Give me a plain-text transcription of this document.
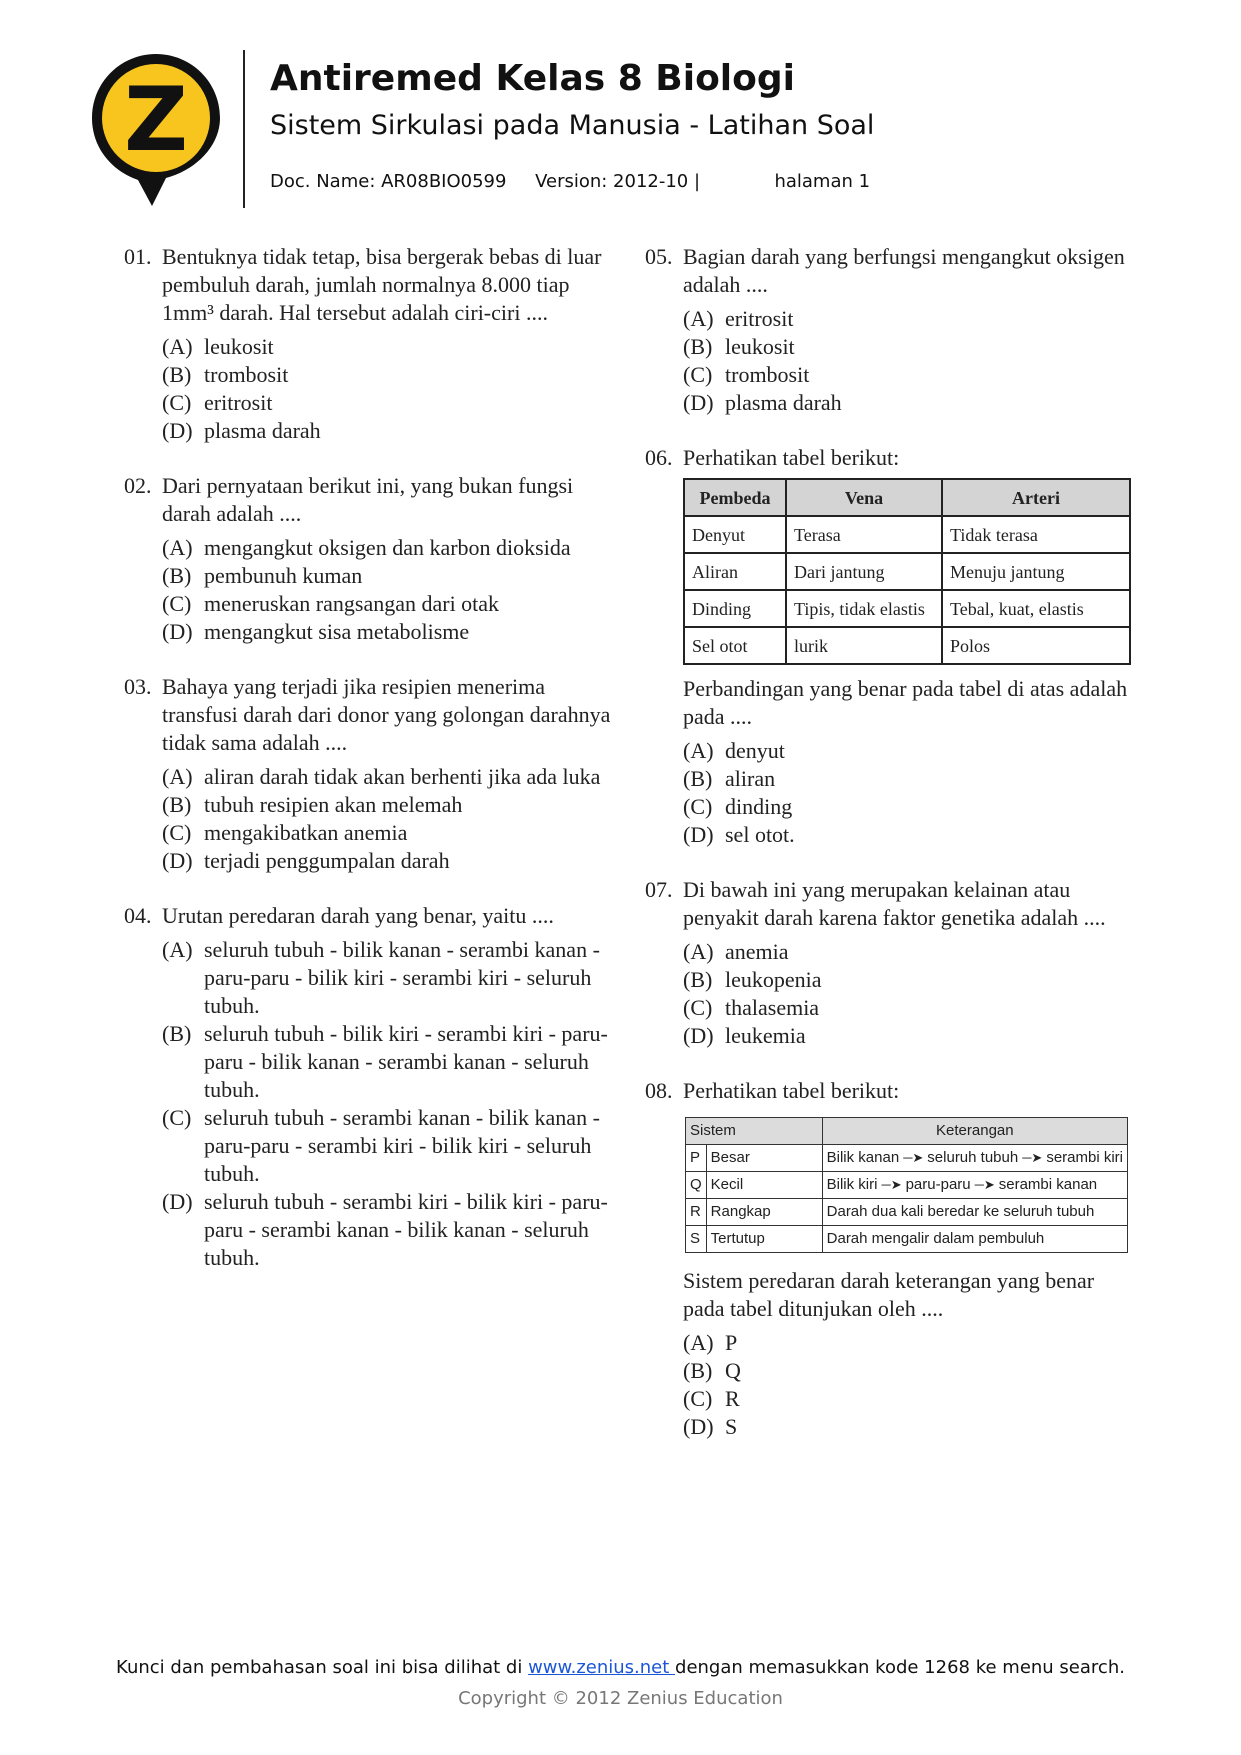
Z Antiremed Kelas 8 Biologi
Sistem Sirkulasi pada Manusia - Latihan Soal
Doc. Name: AR08BIO0599 Version: 2012-10 |	halaman 1
01. Bentuknya tidak tetap, bisa bergerak bebas di luar pembuluh darah, jumlah normalnya 8.000 tiap 1mm³ darah. Hal tersebut adalah ciri-ciri ....
(A) leukosit
(B) trombosit
(C) eritrosit
(D) plasma darah
02. Dari pernyataan berikut ini, yang bukan fungsi darah adalah ....
(A) mengangkut oksigen dan karbon dioksida
(B) pembunuh kuman
(C) meneruskan rangsangan dari otak
(D) mengangkut sisa metabolisme
03. Bahaya yang terjadi jika resipien menerima transfusi darah dari donor yang golongan darahnya tidak sama adalah ....
(A) aliran darah tidak akan berhenti jika ada luka
(B) tubuh resipien akan melemah
(C) mengakibatkan anemia
(D) terjadi penggumpalan darah
04. Urutan peredaran darah yang benar, yaitu ....
(A) seluruh tubuh - bilik kanan - serambi kanan - paru-paru - bilik kiri - serambi kiri - seluruh tubuh.
(B) seluruh tubuh - bilik kiri - serambi kiri - paru-paru - bilik kanan - serambi kanan - seluruh tubuh.
(C) seluruh tubuh - serambi kanan - bilik kanan - paru-paru - serambi kiri - bilik kiri - seluruh tubuh.
(D) seluruh tubuh - serambi kiri - bilik kiri - paru-paru - serambi kanan - bilik kanan - seluruh tubuh.
05. Bagian darah yang berfungsi mengangkut oksigen adalah ....
(A) eritrosit
(B) leukosit
(C) trombosit
(D) plasma darah
06. Perhatikan tabel berikut:
Pembeda	Vena	Arteri
Denyut	Terasa	Tidak terasa
Aliran	Dari jantung	Menuju jantung
Dinding	Tipis, tidak elastis	Tebal, kuat, elastis
Sel otot	lurik	Polos
Perbandingan yang benar pada tabel di atas adalah pada ....
(A) denyut
(B) aliran
(C) dinding
(D) sel otot.
07. Di bawah ini yang merupakan kelainan atau penyakit darah karena faktor genetika adalah ....
(A) anemia
(B) leukopenia
(C) thalasemia
(D) leukemia
08. Perhatikan tabel berikut:
Sistem		Keterangan
P	Besar	Bilik kanan ─➤ seluruh tubuh ─➤ serambi kiri
Q	Kecil	Bilik kiri ─➤ paru-paru ─➤ serambi kanan
R	Rangkap	Darah dua kali beredar ke seluruh tubuh
S	Tertutup	Darah mengalir dalam pembuluh
Sistem peredaran darah keterangan yang benar pada tabel ditunjukan oleh ....
(A) P
(B) Q
(C) R
(D) S
Kunci dan pembahasan soal ini bisa dilihat di www.zenius.net dengan memasukkan kode 1268 ke menu search.
Copyright © 2012 Zenius Education
